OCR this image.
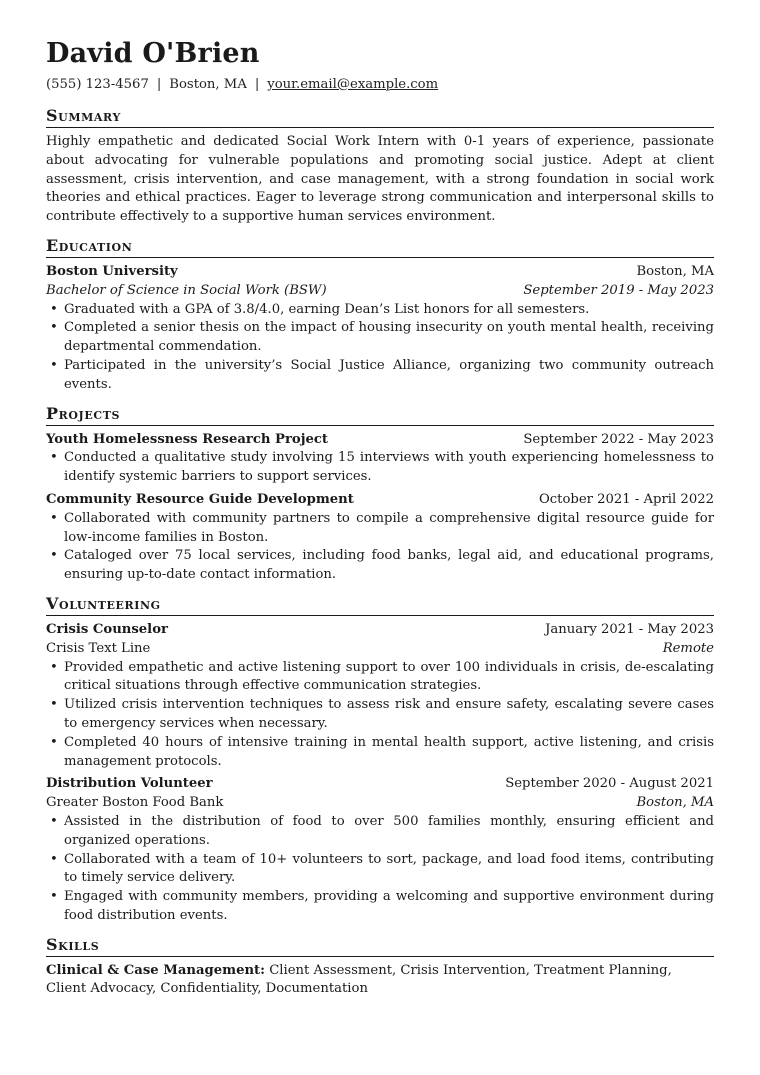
David O'Brien
(555) 123-4567 | Boston, MA | your.email@example.com
Summary

Highly empathetic and dedicated Social Work Intern with 0-1 years of experience, passionate about advocating for vulnerable populations and promoting social justice. Adept at client assessment, crisis intervention, and case management, with a strong foundation in social work theories and ethical practices. Eager to leverage strong communication and interpersonal skills to contribute effectively to a supportive human services environment.

Education
Boston University	Boston, MA
Bachelor of Science in Social Work (BSW)	September 2019 - May 2023
• Graduated with a GPA of 3.8/4.0, earning Dean’s List honors for all semesters.
• Completed a senior thesis on the impact of housing insecurity on youth mental health, receiving departmental commendation.
• Participated in the university’s Social Justice Alliance, organizing two community outreach events.
Projects
Youth Homelessness Research Project	September 2022 - May 2023
• Conducted a qualitative study involving 15 interviews with youth experiencing homelessness to identify systemic barriers to support services.
Community Resource Guide Development	October 2021 - April 2022
• Collaborated with community partners to compile a comprehensive digital resource guide for low-income families in Boston.
• Cataloged over 75 local services, including food banks, legal aid, and educational programs, ensuring up-to-date contact information.
Volunteering
Crisis Counselor	January 2021 - May 2023
Crisis Text Line	Remote
• Provided empathetic and active listening support to over 100 individuals in crisis, de-escalating critical situations through effective communication strategies.
• Utilized crisis intervention techniques to assess risk and ensure safety, escalating severe cases to emergency services when necessary.
• Completed 40 hours of intensive training in mental health support, active listening, and crisis management protocols.
Distribution Volunteer	September 2020 - August 2021
Greater Boston Food Bank	Boston, MA
• Assisted in the distribution of food to over 500 families monthly, ensuring efficient and organized operations.
• Collaborated with a team of 10+ volunteers to sort, package, and load food items, contributing to timely service delivery.
• Engaged with community members, providing a welcoming and supportive environment during food distribution events.
Skills

Clinical & Case Management: Client Assessment, Crisis Intervention, Treatment Planning, Client Advocacy, Confidentiality, Documentation
